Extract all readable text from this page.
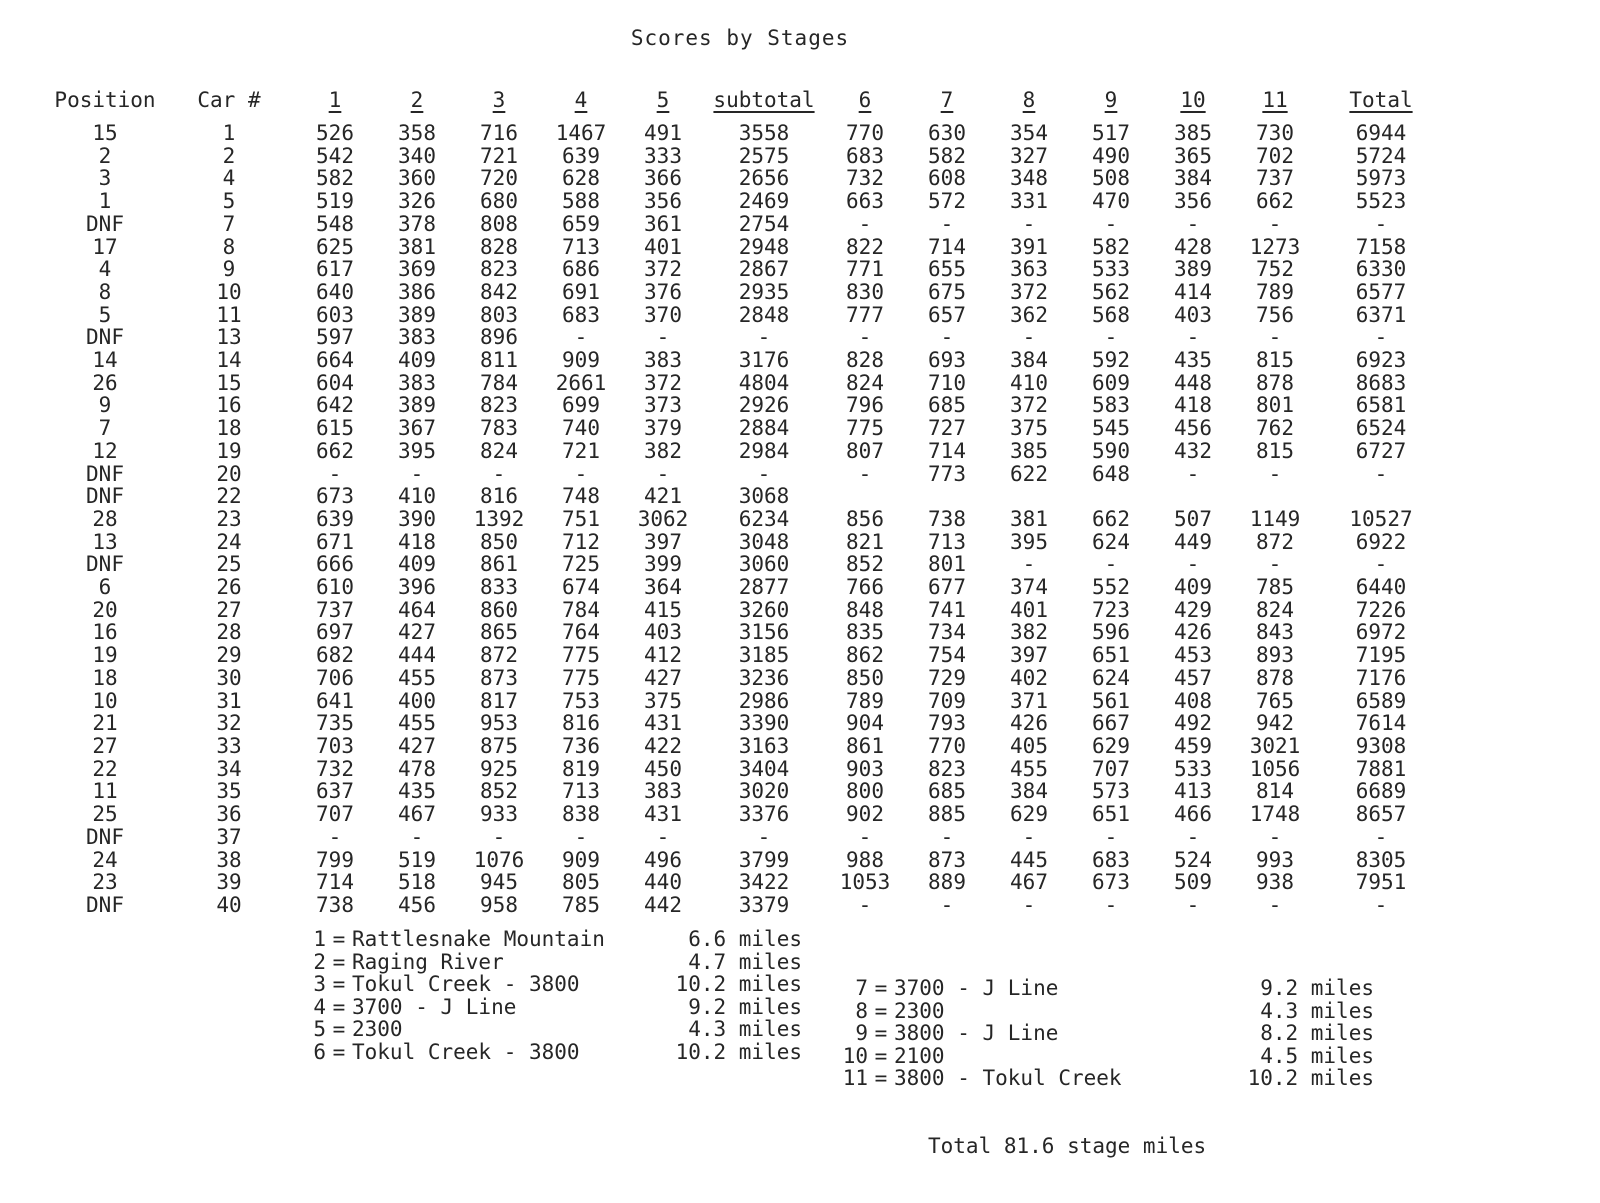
Scores by Stages
Position	Car #	1	2	3	4	5	subtotal	6	7	8	9	10	11	Total
15	1	526	358	716	1467	491	3558	770	630	354	517	385	730	6944
2	2	542	340	721	639	333	2575	683	582	327	490	365	702	5724
3	4	582	360	720	628	366	2656	732	608	348	508	384	737	5973
1	5	519	326	680	588	356	2469	663	572	331	470	356	662	5523
DNF	7	548	378	808	659	361	2754	-	-	-	-	-	-	-
17	8	625	381	828	713	401	2948	822	714	391	582	428	1273	7158
4	9	617	369	823	686	372	2867	771	655	363	533	389	752	6330
8	10	640	386	842	691	376	2935	830	675	372	562	414	789	6577
5	11	603	389	803	683	370	2848	777	657	362	568	403	756	6371
DNF	13	597	383	896	-	-	-	-	-	-	-	-	-	-
14	14	664	409	811	909	383	3176	828	693	384	592	435	815	6923
26	15	604	383	784	2661	372	4804	824	710	410	609	448	878	8683
9	16	642	389	823	699	373	2926	796	685	372	583	418	801	6581
7	18	615	367	783	740	379	2884	775	727	375	545	456	762	6524
12	19	662	395	824	721	382	2984	807	714	385	590	432	815	6727
DNF	20	-	-	-	-	-	-	-	773	622	648	-	-	-
DNF	22	673	410	816	748	421	3068							
28	23	639	390	1392	751	3062	6234	856	738	381	662	507	1149	10527
13	24	671	418	850	712	397	3048	821	713	395	624	449	872	6922
DNF	25	666	409	861	725	399	3060	852	801	-	-	-	-	-
6	26	610	396	833	674	364	2877	766	677	374	552	409	785	6440
20	27	737	464	860	784	415	3260	848	741	401	723	429	824	7226
16	28	697	427	865	764	403	3156	835	734	382	596	426	843	6972
19	29	682	444	872	775	412	3185	862	754	397	651	453	893	7195
18	30	706	455	873	775	427	3236	850	729	402	624	457	878	7176
10	31	641	400	817	753	375	2986	789	709	371	561	408	765	6589
21	32	735	455	953	816	431	3390	904	793	426	667	492	942	7614
27	33	703	427	875	736	422	3163	861	770	405	629	459	3021	9308
22	34	732	478	925	819	450	3404	903	823	455	707	533	1056	7881
11	35	637	435	852	713	383	3020	800	685	384	573	413	814	6689
25	36	707	467	933	838	431	3376	902	885	629	651	466	1748	8657
DNF	37	-	-	-	-	-	-	-	-	-	-	-	-	-
24	38	799	519	1076	909	496	3799	988	873	445	683	524	993	8305
23	39	714	518	945	805	440	3422	1053	889	467	673	509	938	7951
DNF	40	738	456	958	785	442	3379	-	-	-	-	-	-	-
1 = Rattlesnake Mountain	6.6 miles
2 = Raging River	4.7 miles
3 = Tokul Creek - 3800	10.2 miles
4 = 3700 - J Line	9.2 miles
5 = 2300	4.3 miles
6 = Tokul Creek - 3800	10.2 miles

7 = 3700 - J Line	9.2 miles
8 = 2300	4.3 miles
9 = 3800 - J Line	8.2 miles
10 = 2100	4.5 miles
11 = 3800 - Tokul Creek	10.2 miles

Total 81.6 stage miles
